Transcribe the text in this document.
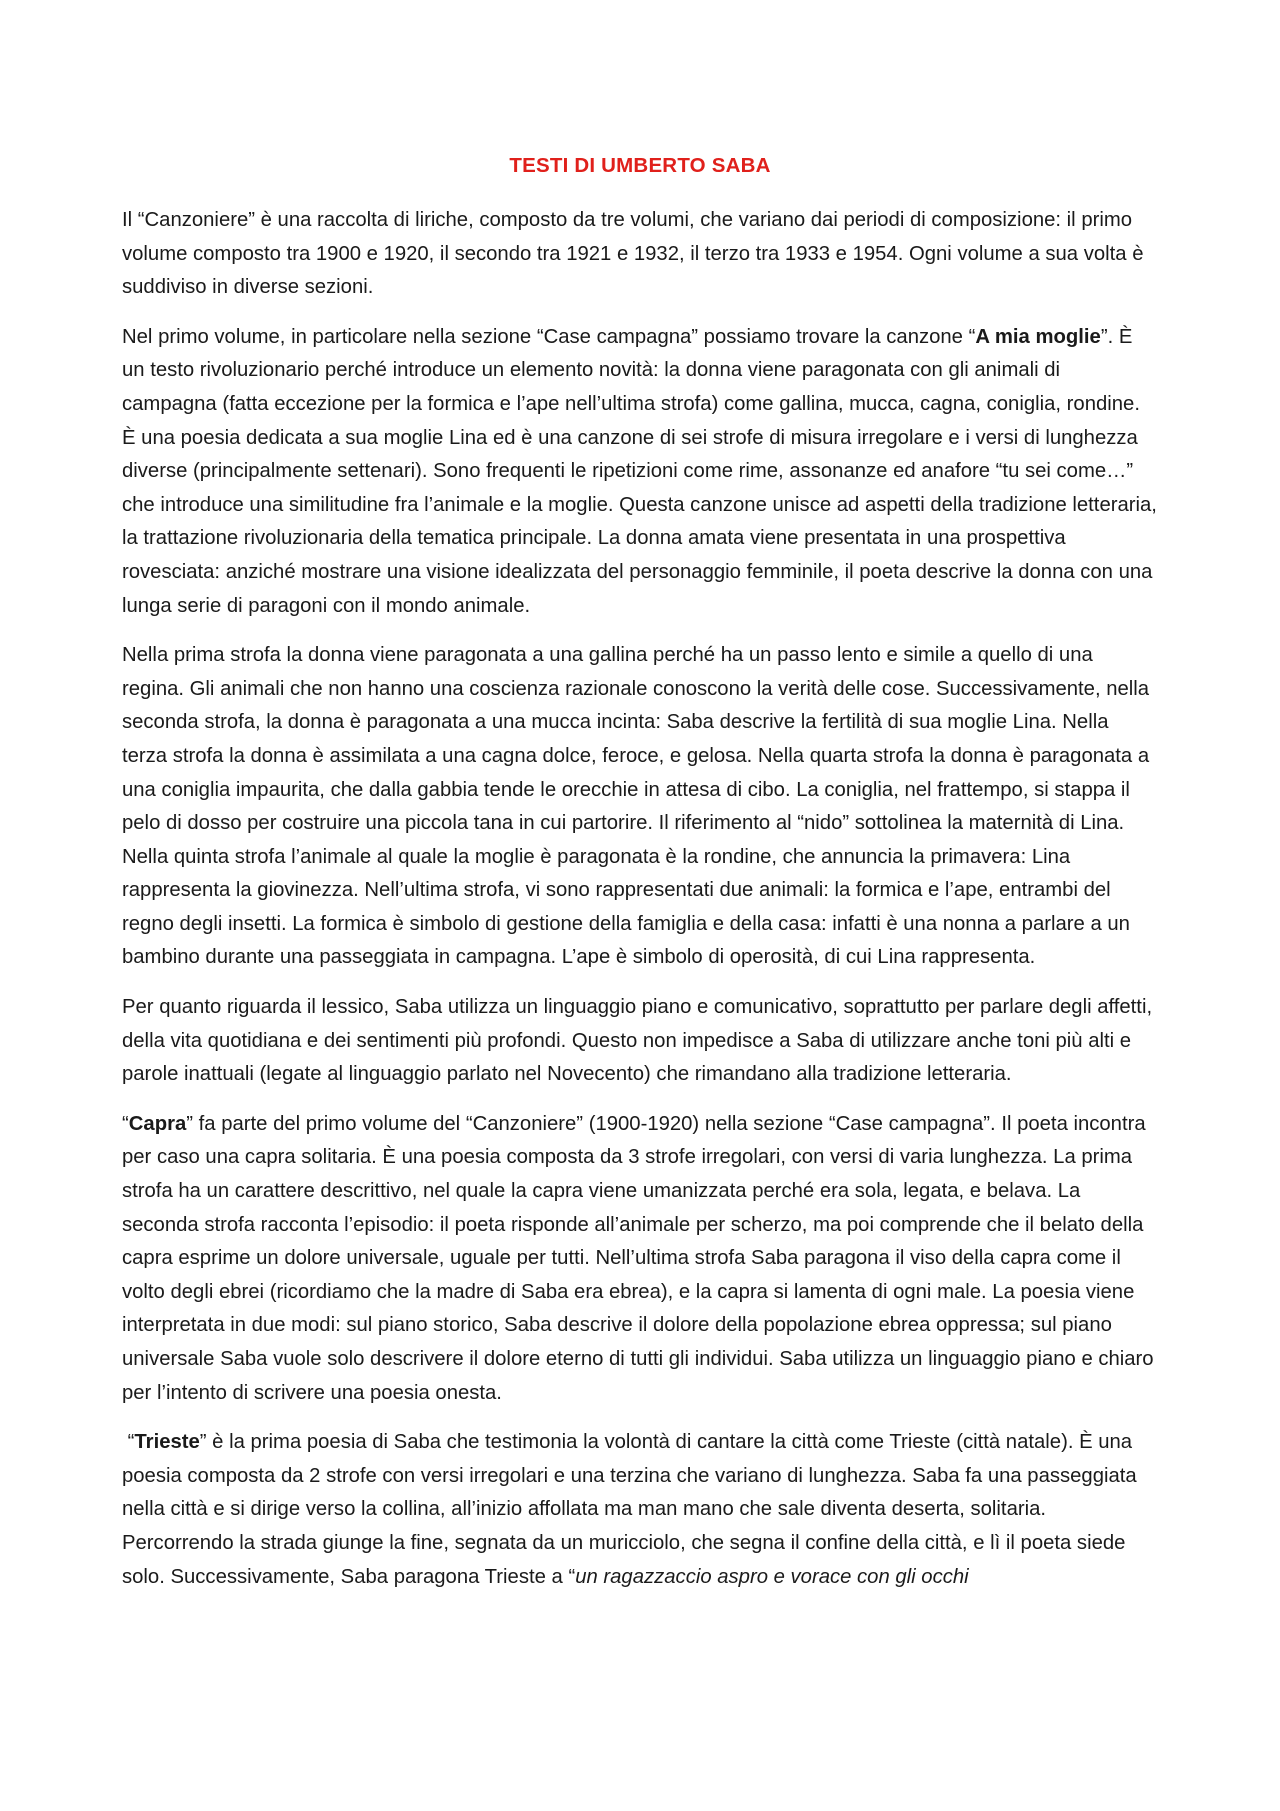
TESTI DI UMBERTO SABA

Il “Canzoniere” è una raccolta di liriche, composto da tre volumi, che variano dai periodi di composizione: il primo volume composto tra 1900 e 1920, il secondo tra 1921 e 1932, il terzo tra 1933 e 1954. Ogni volume a sua volta è suddiviso in diverse sezioni.

Nel primo volume, in particolare nella sezione “Case campagna” possiamo trovare la canzone “A mia moglie”. È un testo rivoluzionario perché introduce un elemento novità: la donna viene paragonata con gli animali di campagna (fatta eccezione per la formica e l’ape nell’ultima strofa) come gallina, mucca, cagna, coniglia, rondine. È una poesia dedicata a sua moglie Lina ed è una canzone di sei strofe di misura irregolare e i versi di lunghezza diverse (principalmente settenari). Sono frequenti le ripetizioni come rime, assonanze ed anafore “tu sei come…” che introduce una similitudine fra l’animale e la moglie. Questa canzone unisce ad aspetti della tradizione letteraria, la trattazione rivoluzionaria della tematica principale. La donna amata viene presentata in una prospettiva rovesciata: anziché mostrare una visione idealizzata del personaggio femminile, il poeta descrive la donna con una lunga serie di paragoni con il mondo animale.

Nella prima strofa la donna viene paragonata a una gallina perché ha un passo lento e simile a quello di una regina. Gli animali che non hanno una coscienza razionale conoscono la verità delle cose. Successivamente, nella seconda strofa, la donna è paragonata a una mucca incinta: Saba descrive la fertilità di sua moglie Lina. Nella terza strofa la donna è assimilata a una cagna dolce, feroce, e gelosa. Nella quarta strofa la donna è paragonata a una coniglia impaurita, che dalla gabbia tende le orecchie in attesa di cibo. La coniglia, nel frattempo, si stappa il pelo di dosso per costruire una piccola tana in cui partorire. Il riferimento al “nido” sottolinea la maternità di Lina. Nella quinta strofa l’animale al quale la moglie è paragonata è la rondine, che annuncia la primavera: Lina rappresenta la giovinezza. Nell’ultima strofa, vi sono rappresentati due animali: la formica e l’ape, entrambi del regno degli insetti. La formica è simbolo di gestione della famiglia e della casa: infatti è una nonna a parlare a un bambino durante una passeggiata in campagna. L’ape è simbolo di operosità, di cui Lina rappresenta.

Per quanto riguarda il lessico, Saba utilizza un linguaggio piano e comunicativo, soprattutto per parlare degli affetti, della vita quotidiana e dei sentimenti più profondi. Questo non impedisce a Saba di utilizzare anche toni più alti e parole inattuali (legate al linguaggio parlato nel Novecento) che rimandano alla tradizione letteraria.

“Capra” fa parte del primo volume del “Canzoniere” (1900-1920) nella sezione “Case campagna”. Il poeta incontra per caso una capra solitaria. È una poesia composta da 3 strofe irregolari, con versi di varia lunghezza. La prima strofa ha un carattere descrittivo, nel quale la capra viene umanizzata perché era sola, legata, e belava. La seconda strofa racconta l’episodio: il poeta risponde all’animale per scherzo, ma poi comprende che il belato della capra esprime un dolore universale, uguale per tutti. Nell’ultima strofa Saba paragona il viso della capra come il volto degli ebrei (ricordiamo che la madre di Saba era ebrea), e la capra si lamenta di ogni male. La poesia viene interpretata in due modi: sul piano storico, Saba descrive il dolore della popolazione ebrea oppressa; sul piano universale Saba vuole solo descrivere il dolore eterno di tutti gli individui. Saba utilizza un linguaggio piano e chiaro per l’intento di scrivere una poesia onesta.

“Trieste” è la prima poesia di Saba che testimonia la volontà di cantare la città come Trieste (città natale). È una poesia composta da 2 strofe con versi irregolari e una terzina che variano di lunghezza. Saba fa una passeggiata nella città e si dirige verso la collina, all’inizio affollata ma man mano che sale diventa deserta, solitaria. Percorrendo la strada giunge la fine, segnata da un muricciolo, che segna il confine della città, e lì il poeta siede solo. Successivamente, Saba paragona Trieste a “un ragazzaccio aspro e vorace con gli occhi
